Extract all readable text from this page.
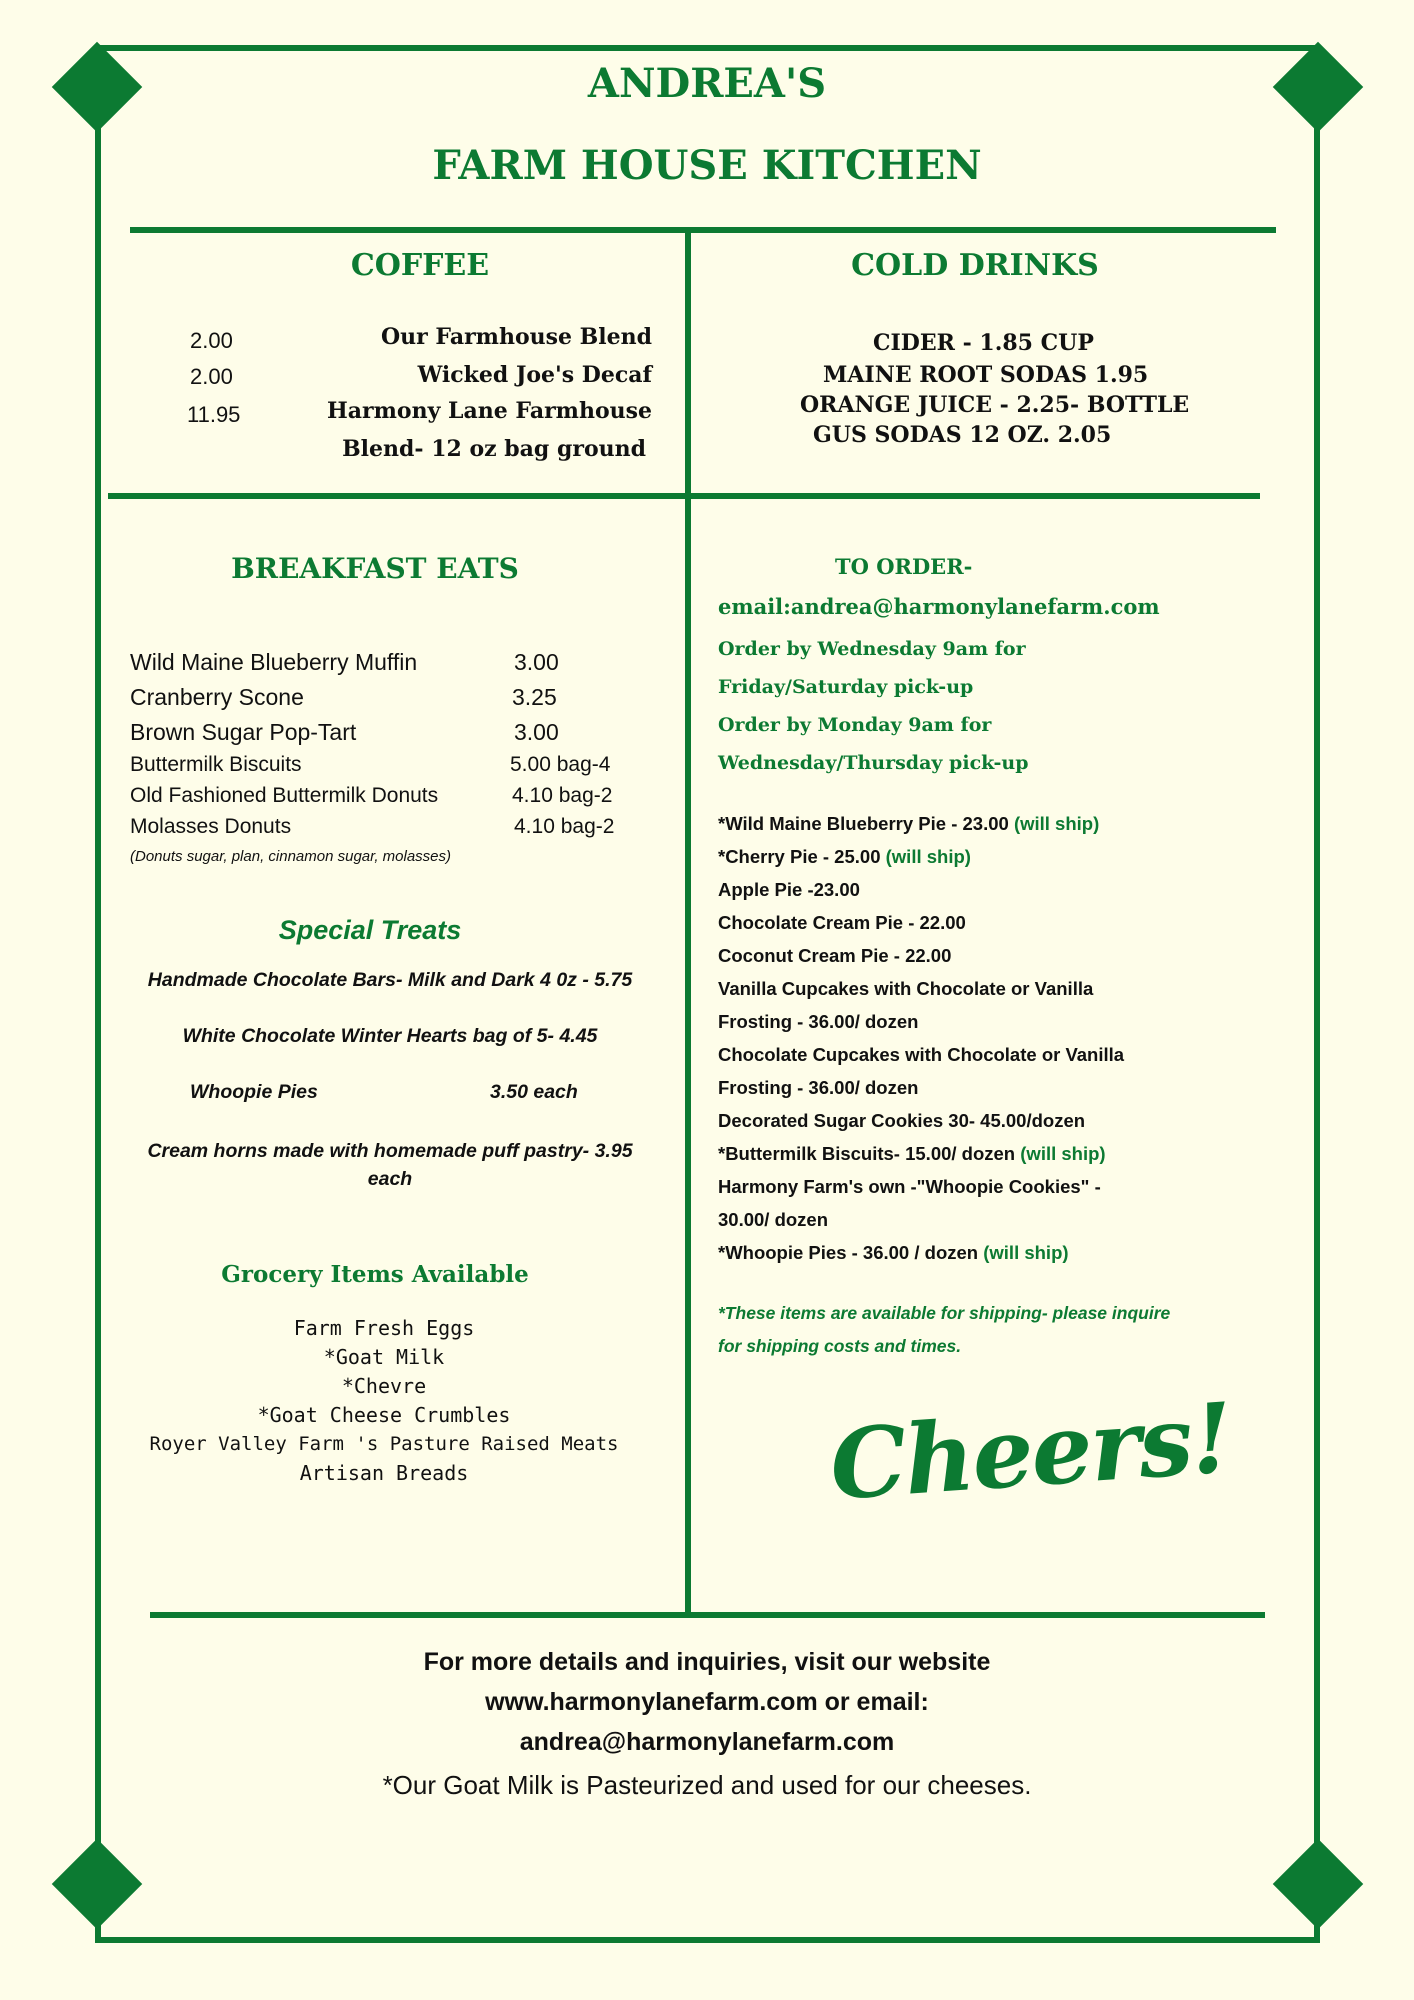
ANDREA'S
FARM HOUSE KITCHEN
COFFEE
2.00	Our Farmhouse Blend
2.00	Wicked Joe's Decaf
11.95	Harmony Lane Farmhouse
Blend- 12 oz bag ground
COLD DRINKS
CIDER - 1.85 CUP
MAINE ROOT SODAS 1.95
ORANGE JUICE - 2.25- BOTTLE
GUS SODAS 12 OZ. 2.05
BREAKFAST EATS
Wild Maine Blueberry Muffin	3.00
Cranberry Scone	3.25
Brown Sugar Pop-Tart	3.00
Buttermilk Biscuits	5.00 bag-4
Old Fashioned Buttermilk Donuts	4.10 bag-2
Molasses Donuts	4.10 bag-2
(Donuts sugar, plan, cinnamon sugar, molasses)
Special Treats
Handmade Chocolate Bars- Milk and Dark 4 0z - 5.75
White Chocolate Winter Hearts bag of 5- 4.45
Whoopie Pies	3.50 each
Cream horns made with homemade puff pastry- 3.95 each
Grocery Items Available
Farm Fresh Eggs
*Goat Milk
*Chevre
*Goat Cheese Crumbles
Royer Valley Farm 's Pasture Raised Meats
Artisan Breads
TO ORDER-
email:andrea@harmonylanefarm.com
Order by Wednesday 9am for
Friday/Saturday pick-up
Order by Monday 9am for
Wednesday/Thursday pick-up
*Wild Maine Blueberry Pie - 23.00 (will ship)
*Cherry Pie - 25.00 (will ship)
Apple Pie -23.00
Chocolate Cream Pie - 22.00
Coconut Cream Pie - 22.00
Vanilla Cupcakes with Chocolate or Vanilla
Frosting - 36.00/ dozen
Chocolate Cupcakes with Chocolate or Vanilla
Frosting - 36.00/ dozen
Decorated Sugar Cookies 30- 45.00/dozen
*Buttermilk Biscuits- 15.00/ dozen (will ship)
Harmony Farm's own -"Whoopie Cookies" -
30.00/ dozen
*Whoopie Pies - 36.00 / dozen (will ship)
*These items are available for shipping- please inquire
for shipping costs and times.
Cheers!
For more details and inquiries, visit our website
www.harmonylanefarm.com or email:
andrea@harmonylanefarm.com
*Our Goat Milk is Pasteurized and used for our cheeses.
